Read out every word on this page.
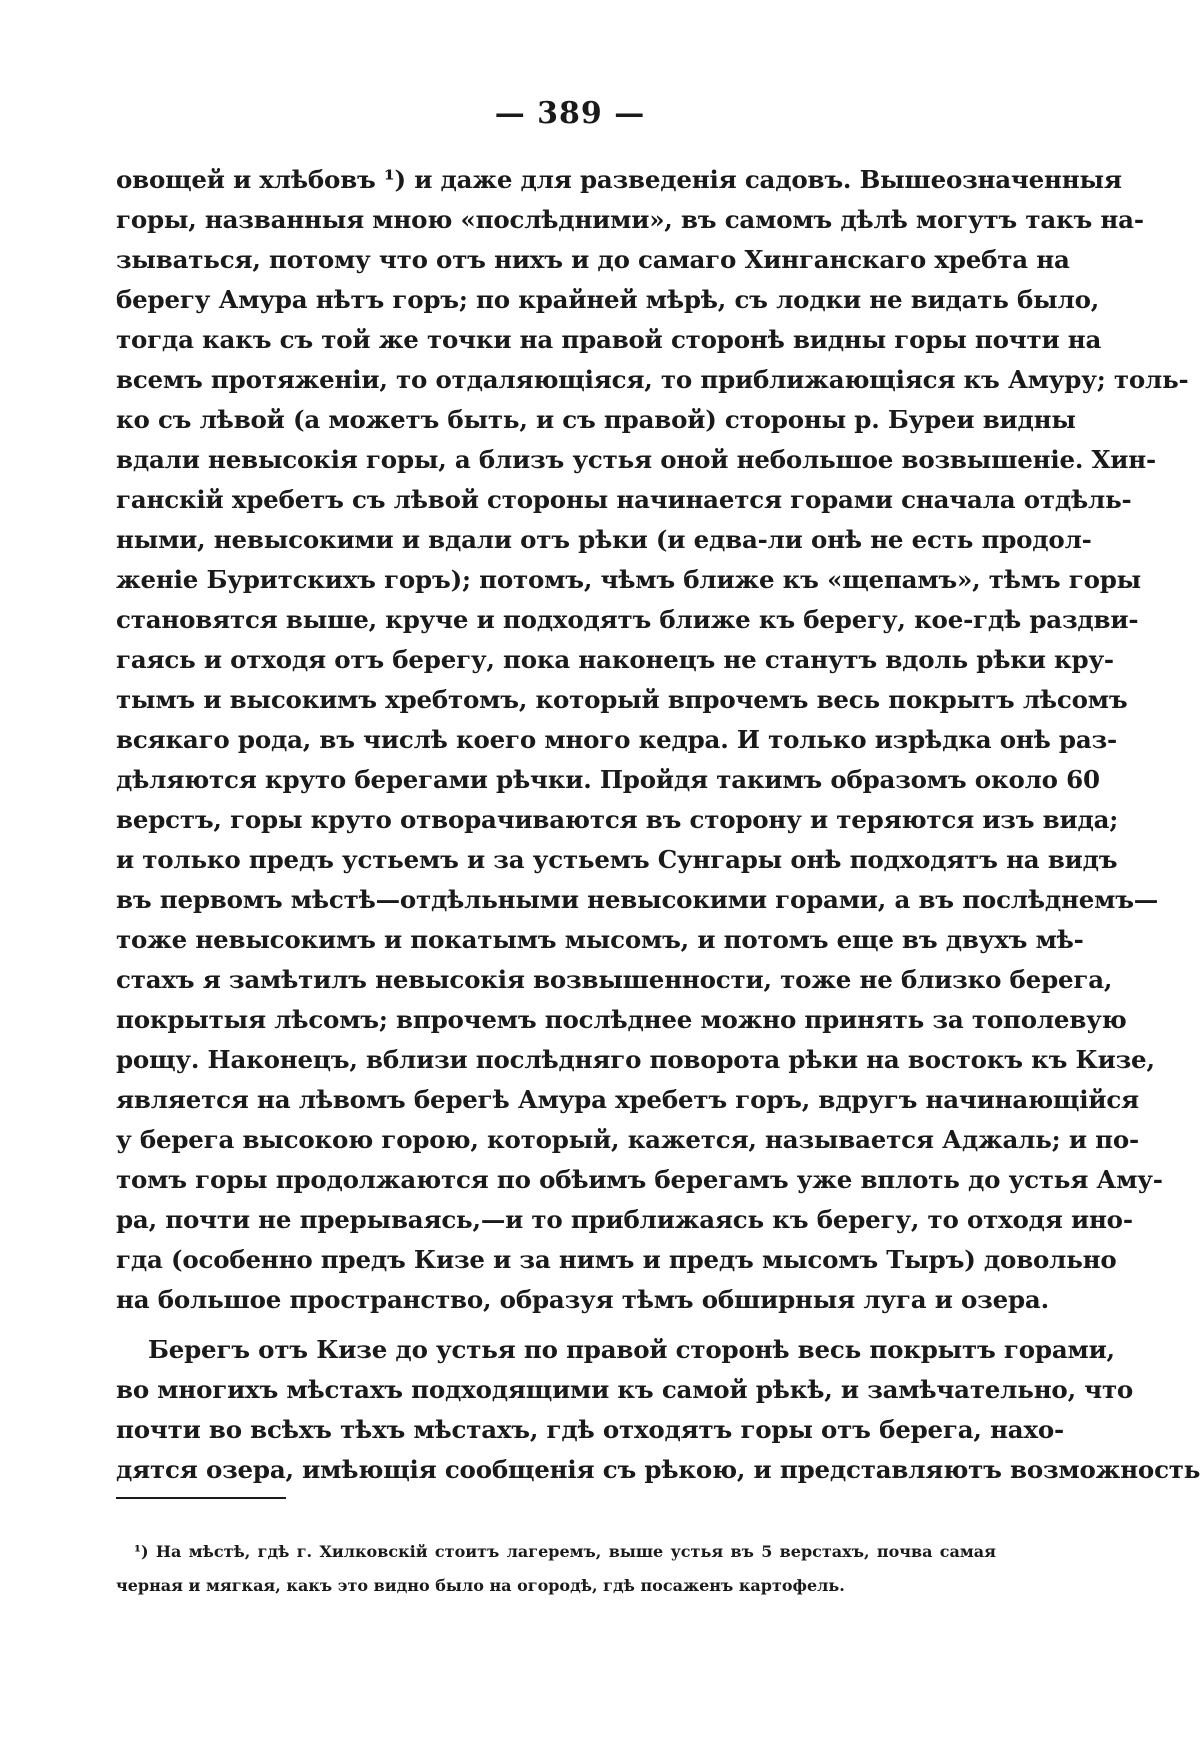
— 389 —
овощей и хлѣбовъ ¹) и даже для разведенія садовъ. Вышеозначенныя
горы, названныя мною «послѣдними», въ самомъ дѣлѣ могутъ такъ на-
зываться, потому что отъ нихъ и до самаго Хинганскаго хребта на
берегу Амура нѣтъ горъ; по крайней мѣрѣ, съ лодки не видать было,
тогда какъ съ той же точки на правой сторонѣ видны горы почти на
всемъ протяженіи, то отдаляющіяся, то приближающіяся къ Амуру; толь-
ко съ лѣвой (а можетъ быть, и съ правой) стороны р. Буреи видны
вдали невысокія горы, а близъ устья оной небольшое возвышеніе. Хин-
ганскій хребетъ съ лѣвой стороны начинается горами сначала отдѣль-
ными, невысокими и вдали отъ рѣки (и едва-ли онѣ не есть продол-
женіе Буритскихъ горъ); потомъ, чѣмъ ближе къ «щепамъ», тѣмъ горы
становятся выше, круче и подходятъ ближе къ берегу, кое-гдѣ раздви-
гаясь и отходя отъ берегу, пока наконецъ не станутъ вдоль рѣки кру-
тымъ и высокимъ хребтомъ, который впрочемъ весь покрытъ лѣсомъ
всякаго рода, въ числѣ коего много кедра. И только изрѣдка онѣ раз-
дѣляются круто берегами рѣчки. Пройдя такимъ образомъ около 60
верстъ, горы круто отворачиваются въ сторону и теряются изъ вида;
и только предъ устьемъ и за устьемъ Сунгары онѣ подходятъ на видъ
въ первомъ мѣстѣ—отдѣльными невысокими горами, а въ послѣднемъ—
тоже невысокимъ и покатымъ мысомъ, и потомъ еще въ двухъ мѣ-
стахъ я замѣтилъ невысокія возвышенности, тоже не близко берега,
покрытыя лѣсомъ; впрочемъ послѣднее можно принять за тополевую
рощу. Наконецъ, вблизи послѣдняго поворота рѣки на востокъ къ Кизе,
является на лѣвомъ берегѣ Амура хребетъ горъ, вдругъ начинающійся
у берега высокою горою, который, кажется, называется Аджаль; и по-
томъ горы продолжаются по обѣимъ берегамъ уже вплоть до устья Аму-
ра, почти не прерываясь,—и то приближаясь къ берегу, то отходя ино-
гда (особенно предъ Кизе и за нимъ и предъ мысомъ Тыръ) довольно
на большое пространство, образуя тѣмъ обширныя луга и озера.
Берегъ отъ Кизе до устья по правой сторонѣ весь покрытъ горами,
во многихъ мѣстахъ подходящими къ самой рѣкѣ, и замѣчательно, что
почти во всѣхъ тѣхъ мѣстахъ, гдѣ отходятъ горы отъ берега, нахо-
дятся озера, имѣющія сообщенія съ рѣкою, и представляютъ возможность
¹) На мѣстѣ, гдѣ г. Хилковскій стоитъ лагеремъ, выше устья въ 5 верстахъ, почва самая
черная и мягкая, какъ это видно было на огородѣ, гдѣ посаженъ картофель.
